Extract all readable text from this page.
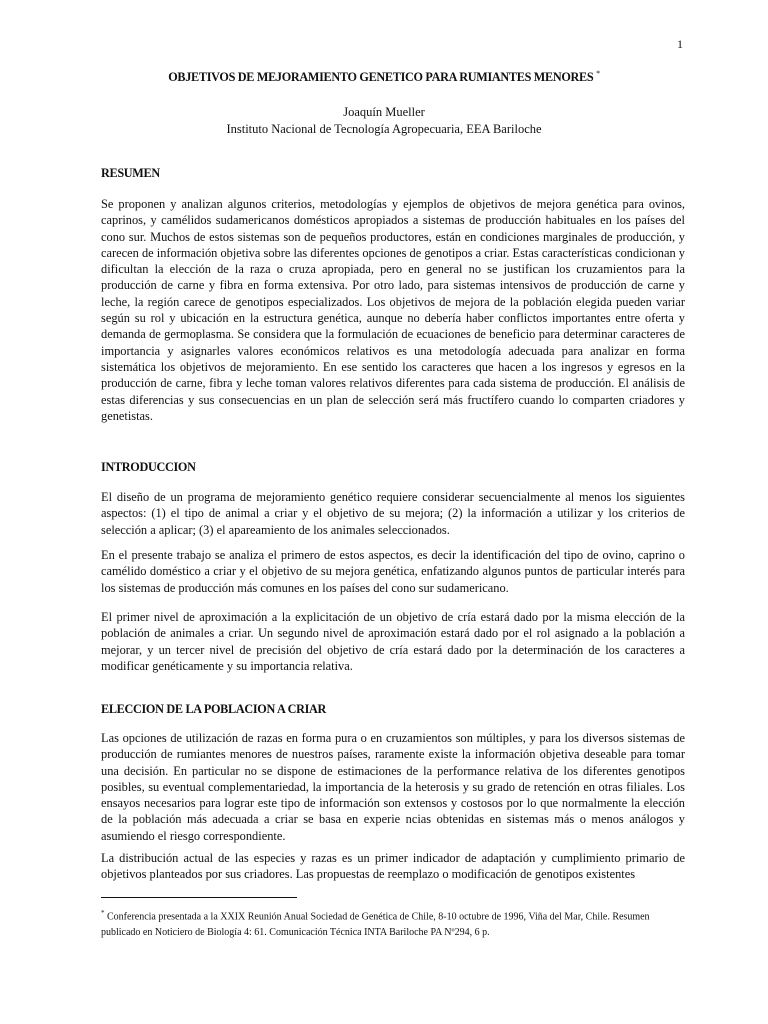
1
OBJETIVOS DE MEJORAMIENTO GENETICO PARA RUMIANTES MENORES *
Joaquín Mueller
Instituto Nacional de Tecnología Agropecuaria, EEA Bariloche
RESUMEN

Se proponen y analizan algunos criterios, metodologías y ejemplos de objetivos de mejora genética para ovinos, caprinos, y camélidos sudamericanos domésticos apropiados a sistemas de producción habituales en los países del cono sur. Muchos de estos sistemas son de pequeños productores, están en condiciones marginales de producción, y carecen de información objetiva sobre las diferentes opciones de genotipos a criar. Estas características condicionan y dificultan la elección de la raza o cruza apropiada, pero en general no se justifican los cruzamientos para la producción de carne y fibra en forma extensiva. Por otro lado, para sistemas intensivos de producción de carne y leche, la región carece de genotipos especializados. Los objetivos de mejora de la población elegida pueden variar según su rol y ubicación en la estructura genética, aunque no debería haber conflictos importantes entre oferta y demanda de germoplasma. Se considera que la formulación de ecuaciones de beneficio para determinar caracteres de importancia y asignarles valores económicos relativos es una metodología adecuada para analizar en forma sistemática los objetivos de mejoramiento. En ese sentido los caracteres que hacen a los ingresos y egresos en la producción de carne, fibra y leche toman valores relativos diferentes para cada sistema de producción. El análisis de estas diferencias y sus consecuencias en un plan de selección será más fructífero cuando lo comparten criadores y genetistas.

INTRODUCCION

El diseño de un programa de mejoramiento genético requiere considerar secuencialmente al menos los siguientes aspectos: (1) el tipo de animal a criar y el objetivo de su mejora; (2) la información a utilizar y los criterios de selección a aplicar; (3) el apareamiento de los animales seleccionados.

En el presente trabajo se analiza el primero de estos aspectos, es decir la identificación del tipo de ovino, caprino o camélido doméstico a criar y el objetivo de su mejora genética, enfatizando algunos puntos de particular interés para los sistemas de producción más comunes en los países del cono sur sudamericano.

El primer nivel de aproximación a la explicitación de un objetivo de cría estará dado por la misma elección de la población de animales a criar. Un segundo nivel de aproximación estará dado por el rol asignado a la población a mejorar, y un tercer nivel de precisión del objetivo de cría estará dado por la determinación de los caracteres a modificar genéticamente y su importancia relativa.

ELECCION DE LA POBLACION A CRIAR

Las opciones de utilización de razas en forma pura o en cruzamientos son múltiples, y para los diversos sistemas de producción de rumiantes menores de nuestros países, raramente existe la información objetiva deseable para tomar una decisión. En particular no se dispone de estimaciones de la performance relativa de los diferentes genotipos posibles, su eventual complementariedad, la importancia de la heterosis y su grado de retención en otras filiales. Los ensayos necesarios para lograr este tipo de información son extensos y costosos por lo que normalmente la elección de la población más adecuada a criar se basa en experie ncias obtenidas en sistemas más o menos análogos y asumiendo el riesgo correspondiente.

La distribución actual de las especies y razas es un primer indicador de adaptación y cumplimiento primario de objetivos planteados por sus criadores. Las propuestas de reemplazo o modificación de genotipos existentes

* Conferencia presentada a la XXIX Reunión Anual Sociedad de Genética de Chile, 8-10 octubre de 1996, Viña del Mar, Chile. Resumen publicado en Noticiero de Biología 4: 61. Comunicación Técnica INTA Bariloche PA Nº294, 6 p.
